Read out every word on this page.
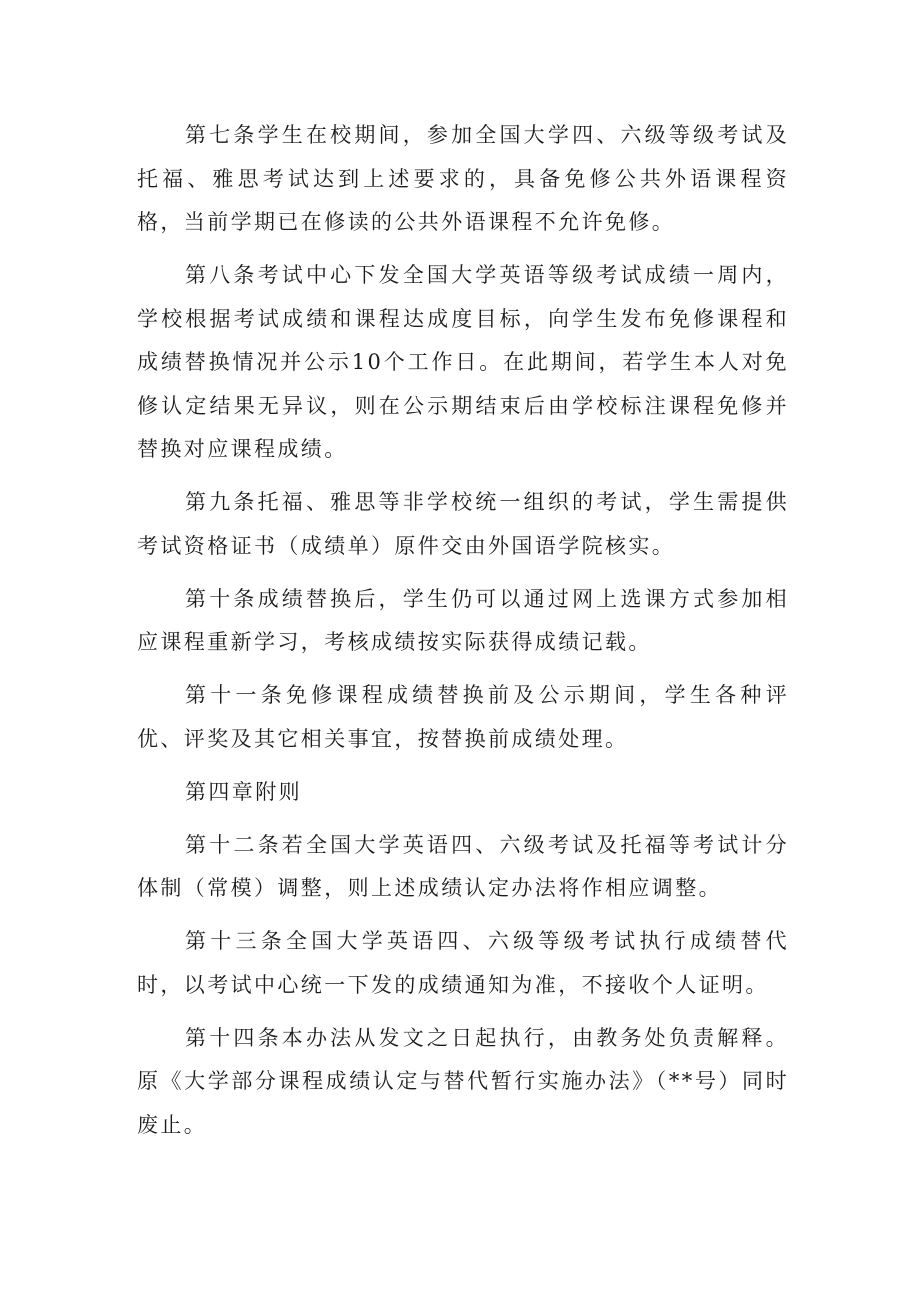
第七条学生在校期间，参加全国大学四、六级等级考试及托福、雅思考试达到上述要求的，具备免修公共外语课程资格，当前学期已在修读的公共外语课程不允许免修。

第八条考试中心下发全国大学英语等级考试成绩一周内，学校根据考试成绩和课程达成度目标，向学生发布免修课程和成绩替换情况并公示10个工作日。在此期间，若学生本人对免修认定结果无异议，则在公示期结束后由学校标注课程免修并替换对应课程成绩。

第九条托福、雅思等非学校统一组织的考试，学生需提供考试资格证书（成绩单）原件交由外国语学院核实。

第十条成绩替换后，学生仍可以通过网上选课方式参加相应课程重新学习，考核成绩按实际获得成绩记载。

第十一条免修课程成绩替换前及公示期间，学生各种评优、评奖及其它相关事宜，按替换前成绩处理。

第四章附则

第十二条若全国大学英语四、六级考试及托福等考试计分体制（常模）调整，则上述成绩认定办法将作相应调整。

第十三条全国大学英语四、六级等级考试执行成绩替代时，以考试中心统一下发的成绩通知为准，不接收个人证明。

第十四条本办法从发文之日起执行，由教务处负责解释。原《大学部分课程成绩认定与替代暂行实施办法》（**号）同时废止。
